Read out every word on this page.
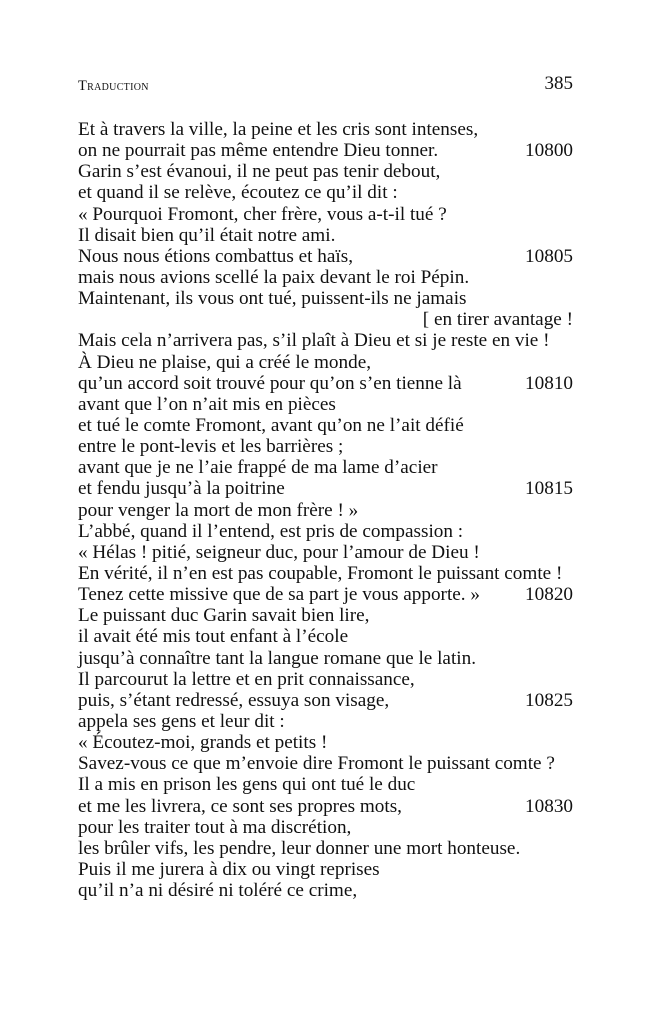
Traduction	385
Et à travers la ville, la peine et les cris sont intenses,
on ne pourrait pas même entendre Dieu tonner.	10800
Garin s’est évanoui, il ne peut pas tenir debout,
et quand il se relève, écoutez ce qu’il dit :
« Pourquoi Fromont, cher frère, vous a-t-il tué ?
Il disait bien qu’il était notre ami.
Nous nous étions combattus et haïs,	10805
mais nous avions scellé la paix devant le roi Pépin.
Maintenant, ils vous ont tué, puissent-ils ne jamais
[ en tirer avantage !
Mais cela n’arrivera pas, s’il plaît à Dieu et si je reste en vie !
À Dieu ne plaise, qui a créé le monde,
qu’un accord soit trouvé pour qu’on s’en tienne là	10810
avant que l’on n’ait mis en pièces
et tué le comte Fromont, avant qu’on ne l’ait défié
entre le pont-levis et les barrières ;
avant que je ne l’aie frappé de ma lame d’acier
et fendu jusqu’à la poitrine	10815
pour venger la mort de mon frère ! »
L’abbé, quand il l’entend, est pris de compassion :
« Hélas ! pitié, seigneur duc, pour l’amour de Dieu !
En vérité, il n’en est pas coupable, Fromont le puissant comte !
Tenez cette missive que de sa part je vous apporte. » 10820
Le puissant duc Garin savait bien lire,
il avait été mis tout enfant à l’école
jusqu’à connaître tant la langue romane que le latin.
Il parcourut la lettre et en prit connaissance,
puis, s’étant redressé, essuya son visage,	10825
appela ses gens et leur dit :
« Écoutez-moi, grands et petits !
Savez-vous ce que m’envoie dire Fromont le puissant comte ?
Il a mis en prison les gens qui ont tué le duc
et me les livrera, ce sont ses propres mots,	10830
pour les traiter tout à ma discrétion,
les brûler vifs, les pendre, leur donner une mort honteuse.
Puis il me jurera à dix ou vingt reprises
qu’il n’a ni désiré ni toléré ce crime,
